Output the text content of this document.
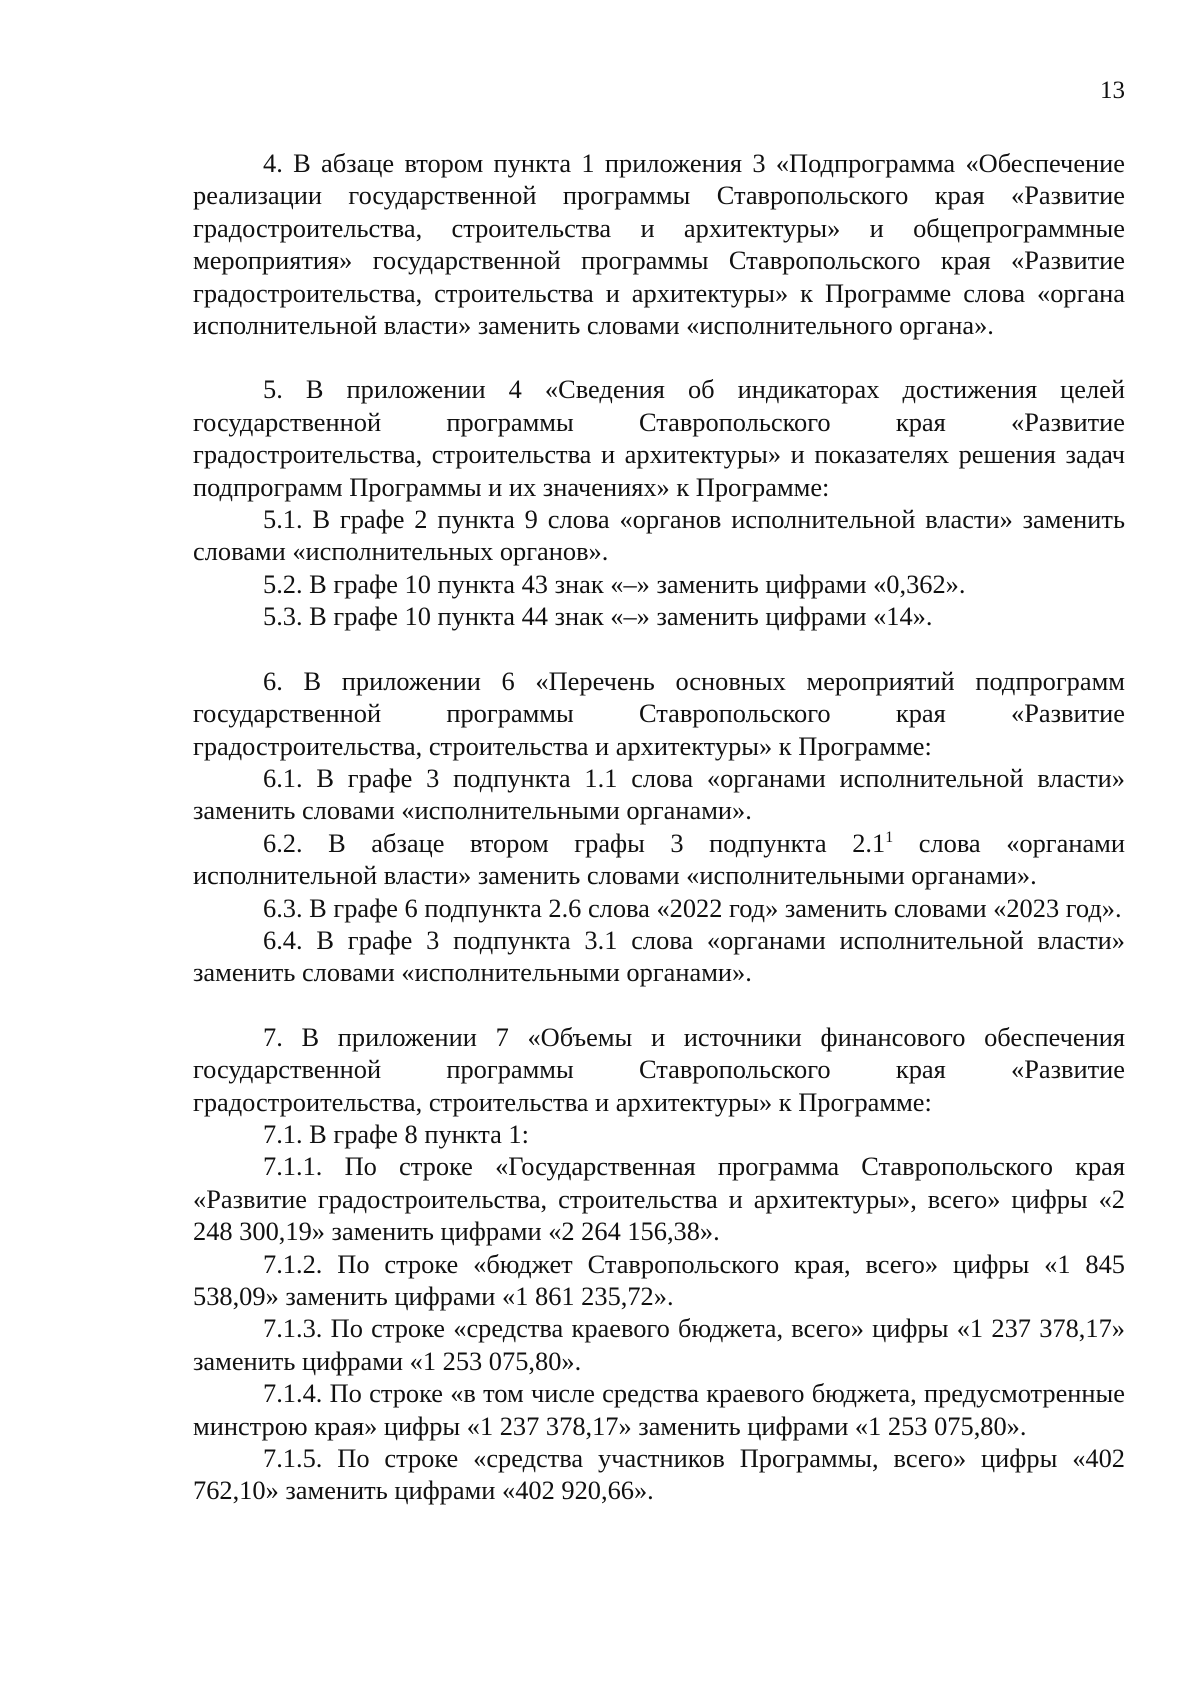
13

4. В абзаце втором пункта 1 приложения 3 «Подпрограмма «Обеспечение реализации государственной программы Ставропольского края «Развитие градостроительства, строительства и архитектуры» и общепрограммные мероприятия» государственной программы Ставропольского края «Развитие градостроительства, строительства и архитектуры» к Программе слова «органа исполнительной власти» заменить словами «исполнительного органа».

5. В приложении 4 «Сведения об индикаторах достижения целей государственной программы Ставропольского края «Развитие градостроительства, строительства и архитектуры» и показателях решения задач подпрограмм Программы и их значениях» к Программе:

5.1. В графе 2 пункта 9 слова «органов исполнительной власти» заменить словами «исполнительных органов».

5.2. В графе 10 пункта 43 знак «–» заменить цифрами «0,362».

5.3. В графе 10 пункта 44 знак «–» заменить цифрами «14».

6. В приложении 6 «Перечень основных мероприятий подпрограмм государственной программы Ставропольского края «Развитие градостроительства, строительства и архитектуры» к Программе:

6.1. В графе 3 подпункта 1.1 слова «органами исполнительной власти» заменить словами «исполнительными органами».

6.2. В абзаце втором графы 3 подпункта $2.1^1$ слова «органами исполнительной власти» заменить словами «исполнительными органами».

6.3. В графе 6 подпункта 2.6 слова «2022 год» заменить словами «2023 год».

6.4. В графе 3 подпункта 3.1 слова «органами исполнительной власти» заменить словами «исполнительными органами».

7. В приложении 7 «Объемы и источники финансового обеспечения государственной программы Ставропольского края «Развитие градостроительства, строительства и архитектуры» к Программе:

7.1. В графе 8 пункта 1:

7.1.1. По строке «Государственная программа Ставропольского края «Развитие градостроительства, строительства и архитектуры», всего» цифры «2 248 300,19» заменить цифрами «2 264 156,38».

7.1.2. По строке «бюджет Ставропольского края, всего» цифры «1 845 538,09» заменить цифрами «1 861 235,72».

7.1.3. По строке «средства краевого бюджета, всего» цифры «1 237 378,17» заменить цифрами «1 253 075,80».

7.1.4. По строке «в том числе средства краевого бюджета, предусмотренные минстрою края» цифры «1 237 378,17» заменить цифрами «1 253 075,80».

7.1.5. По строке «средства участников Программы, всего» цифры «402 762,10» заменить цифрами «402 920,66».
